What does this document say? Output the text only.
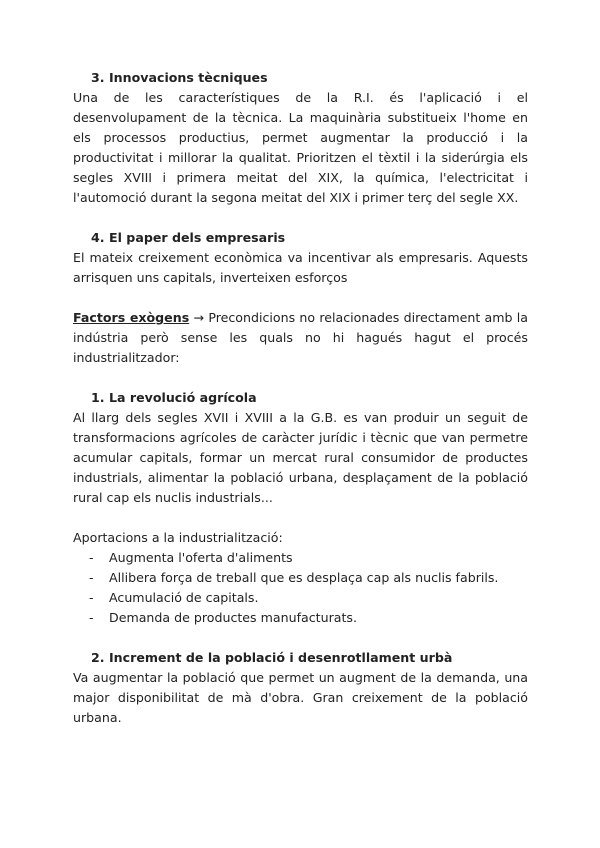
3. Innovacions tècniques

Una de les característiques de la R.I. és l'aplicació i el desenvolupament de la tècnica. La maquinària substitueix l'home en els processos productius, permet augmentar la producció i la productivitat i millorar la qualitat. Prioritzen el tèxtil i la siderúrgia els segles XVIII i primera meitat del XIX, la química, l'electricitat i l'automoció durant la segona meitat del XIX i primer terç del segle XX.

4. El paper dels empresaris

El mateix creixement econòmica va incentivar als empresaris. Aquests arrisquen uns capitals, inverteixen esforços

Factors exògens → Precondicions no relacionades directament amb la indústria però sense les quals no hi hagués hagut el procés industrialitzador:

1. La revolució agrícola

Al llarg dels segles XVII i XVIII a la G.B. es van produir un seguit de transformacions agrícoles de caràcter jurídic i tècnic que van permetre acumular capitals, formar un mercat rural consumidor de productes industrials, alimentar la població urbana, desplaçament de la població rural cap els nuclis industrials...

Aportacions a la industrialització:

-	Augmenta l'oferta d'aliments
-	Allibera força de treball que es desplaça cap als nuclis fabrils.
-	Acumulació de capitals.
-	Demanda de productes manufacturats.
2. Increment de la població i desenrotllament urbà

Va augmentar la població que permet un augment de la demanda, una major disponibilitat de mà d'obra. Gran creixement de la població urbana.
